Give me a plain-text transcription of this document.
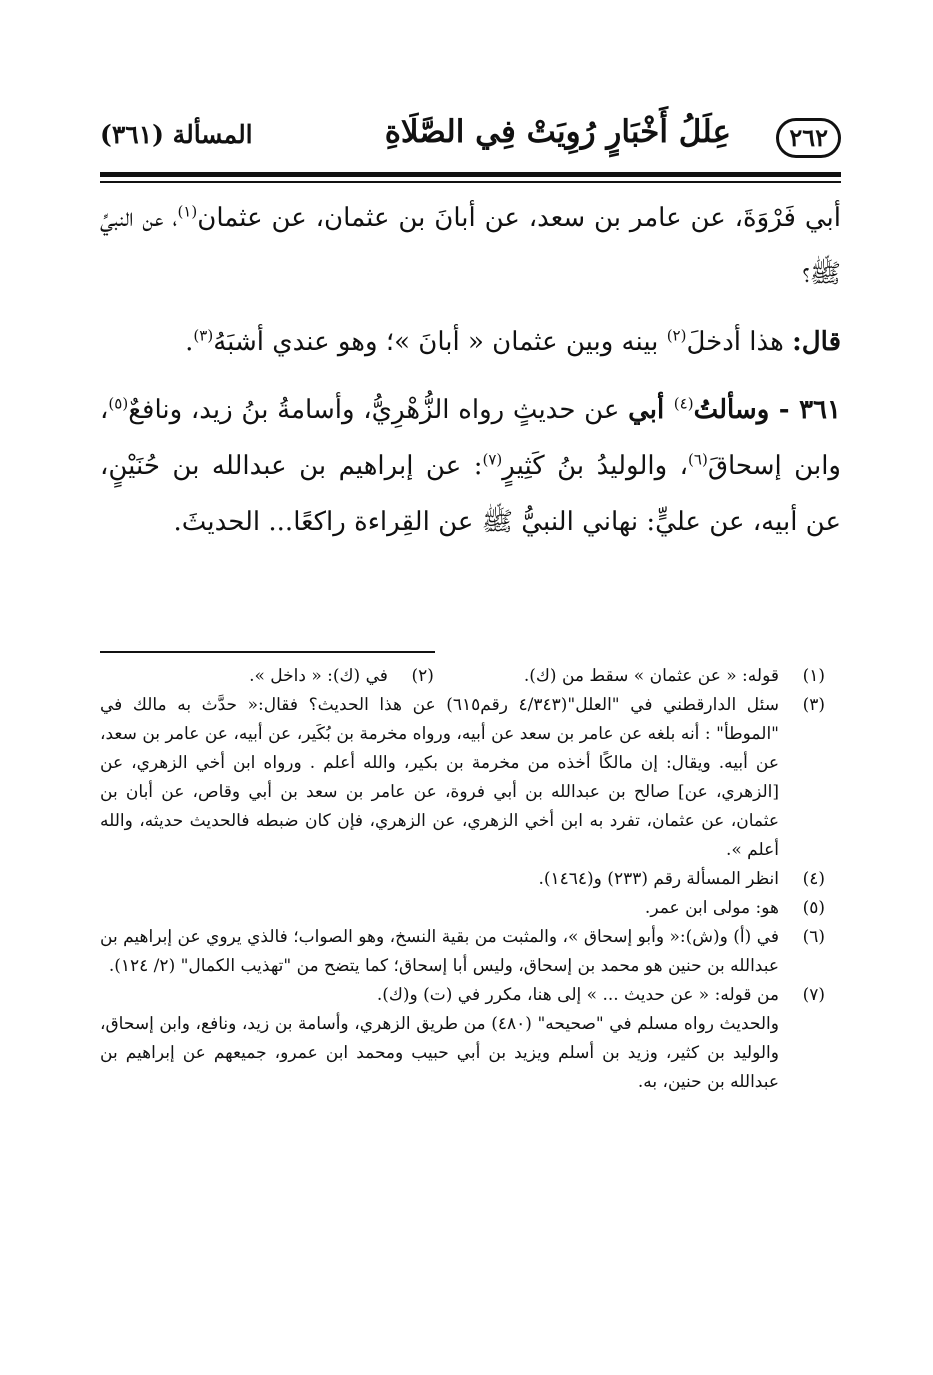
٢٦٢
عِلَلُ أَخْبَارٍ رُوِيَتْ فِي الصَّلَاةِ
المسألة (٣٦١)

أبي فَرْوَةَ، عن عامر بن سعد، عن أبانَ بن عثمان، عن عثمان$^{(١)}$، عن النبيِّ ﷺ؟

قال: هذا أدخلَ$^{(٢)}$ بينه وبين عثمان « أبانَ »؛ وهو عندي أشبَهُ$^{(٣)}$.

٣٦١ - وسألتُ$^{(٤)}$ أبي عن حديثٍ رواه الزُّهْرِيُّ، وأسامةُ بنُ زيد، ونافعٌ$^{(٥)}$، وابن إسحاقَ$^{(٦)}$، والوليدُ بنُ كَثِيرٍ$^{(٧)}$: عن إبراهيم بن عبدالله بن حُنَيْنٍ، عن أبيه، عن عليٍّ: نهاني النبيُّ ﷺ عن القِراءة راكعًا... الحديثَ.

(١)
قوله: « عن عثمان » سقط من (ك).
(٢)
في (ك): « داخل ».
(٣)
سئل الدارقطني في "العلل"(٤/٣٤٣ رقم٦١٥) عن هذا الحديث؟ فقال:« حدَّث به مالك في "الموطأ" : أنه بلغه عن عامر بن سعد عن أبيه، ورواه مخرمة بن بُكَير، عن أبيه، عن عامر بن سعد، عن أبيه. ويقال: إن مالكًا أخذه من مخرمة بن بكير، والله أعلم . ورواه ابن أخي الزهري، عن [الزهري، عن] صالح بن عبدالله بن أبي فروة، عن عامر بن سعد بن أبي وقاص، عن أبان بن عثمان، عن عثمان، تفرد به ابن أخي الزهري، عن الزهري، فإن كان ضبطه فالحديث حديثه، والله أعلم ».
(٤)
انظر المسألة رقم (٢٣٣) و(١٤٦٤).
(٥)
هو: مولى ابن عمر.
(٦)
في (أ) و(ش):« وأبو إسحاق »، والمثبت من بقية النسخ، وهو الصواب؛ فالذي يروي عن إبراهيم بن عبدالله بن حنين هو محمد بن إسحاق، وليس أبا إسحاق؛ كما يتضح من "تهذيب الكمال" (٢/ ١٢٤).
(٧)
من قوله: « عن حديث ... » إلى هنا، مكرر في (ت) و(ك).
والحديث رواه مسلم في "صحيحه" (٤٨٠) من طريق الزهري، وأسامة بن زيد، ونافع، وابن إسحاق، والوليد بن كثير، وزيد بن أسلم ويزيد بن أبي حبيب ومحمد ابن عمرو، جميعهم عن إبراهيم بن عبدالله بن حنين، به.
